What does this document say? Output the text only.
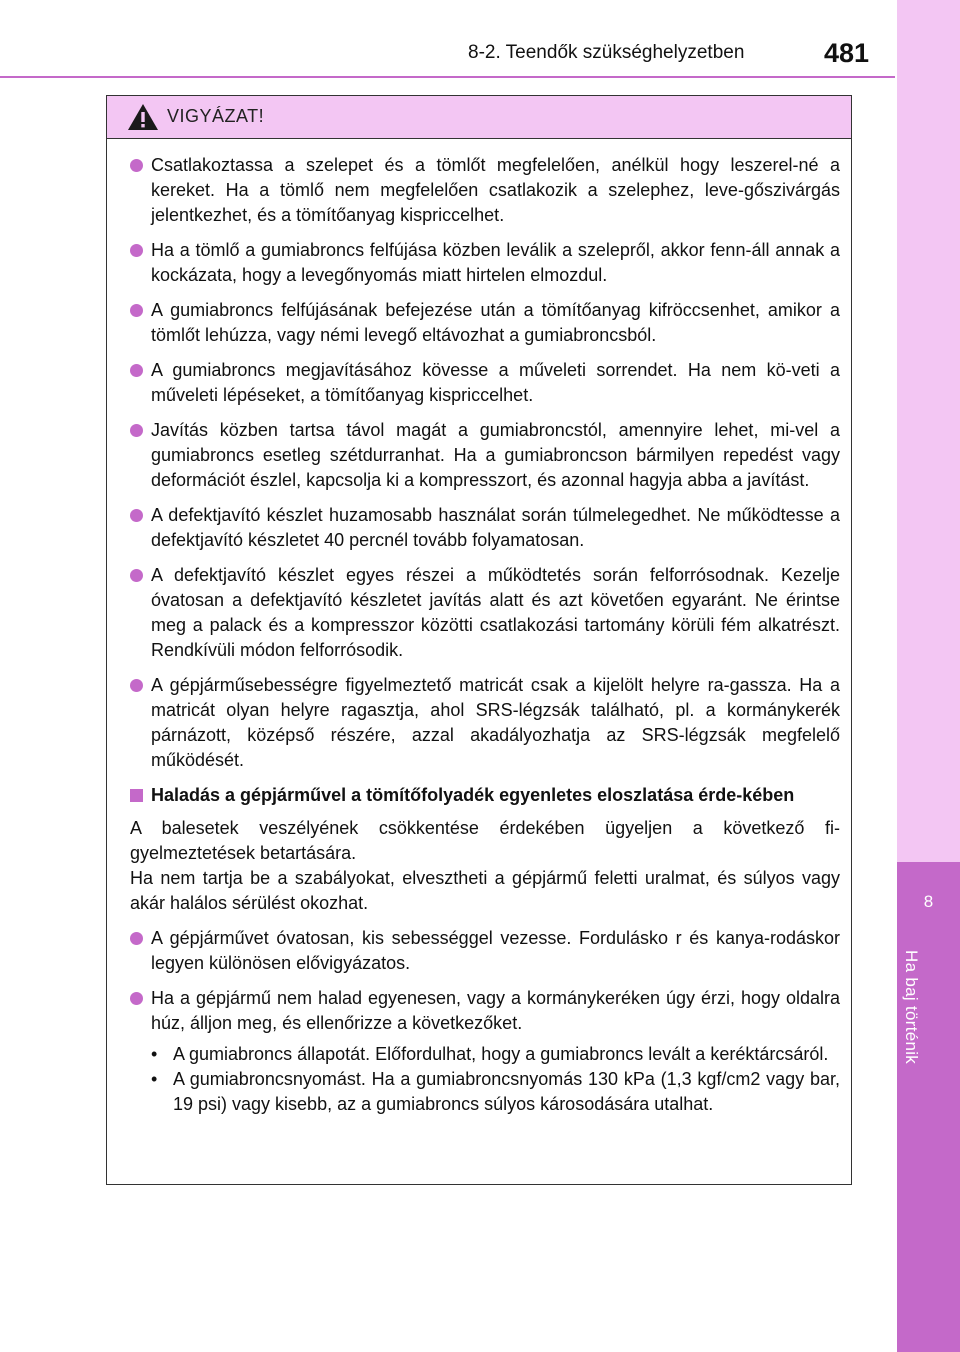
8-2. Teendők szükséghelyzetben	481
8
Ha baj történik
VIGYÁZAT!
Csatlakoztassa a szelepet és a tömlőt megfelelően, anélkül hogy leszerel-né a kereket. Ha a tömlő nem megfelelően csatlakozik a szelephez, leve-gőszivárgás jelentkezhet, és a tömítőanyag kispriccelhet.
Ha a tömlő a gumiabroncs felfújása közben leválik a szelepről, akkor fenn-áll annak a kockázata, hogy a levegőnyomás miatt hirtelen elmozdul.
A gumiabroncs felfújásának befejezése után a tömítőanyag kifröccsenhet, amikor a tömlőt lehúzza, vagy némi levegő eltávozhat a gumiabroncsból.
A gumiabroncs megjavításához kövesse a műveleti sorrendet. Ha nem kö-veti a műveleti lépéseket, a tömítőanyag kispriccelhet.
Javítás közben tartsa távol magát a gumiabroncstól, amennyire lehet, mi-vel a gumiabroncs esetleg szétdurranhat. Ha a gumiabroncson bármilyen repedést vagy deformációt észlel, kapcsolja ki a kompresszort, és azonnal hagyja abba a javítást.
A defektjavító készlet huzamosabb használat során túlmelegedhet. Ne működtesse a defektjavító készletet 40 percnél tovább folyamatosan.
A defektjavító készlet egyes részei a működtetés során felforrósodnak. Kezelje óvatosan a defektjavító készletet javítás alatt és azt követően egyaránt. Ne érintse meg a palack és a kompresszor közötti csatlakozási tartomány körüli fém alkatrészt. Rendkívüli módon felforrósodik.
A gépjárműsebességre figyelmeztető matricát csak a kijelölt helyre ra-gassza. Ha a matricát olyan helyre ragasztja, ahol SRS-légzsák található, pl. a kormánykerék párnázott, középső részére, azzal akadályozhatja az SRS-légzsák megfelelő működését.
Haladás a gépjárművel a tömítőfolyadék egyenletes eloszlatása érde-kében

A balesetek veszélyének csökkentése érdekében ügyeljen a következő fi-gyelmeztetések betartására.

Ha nem tartja be a szabályokat, elvesztheti a gépjármű feletti uralmat, és súlyos vagy akár halálos sérülést okozhat.

A gépjárművet óvatosan, kis sebességgel vezesse. Fordulásko r és kanya-rodáskor legyen különösen elővigyázatos.
Ha a gépjármű nem halad egyenesen, vagy a kormánykeréken úgy érzi, hogy oldalra húz, álljon meg, és ellenőrizze a következőket.
• A gumiabroncs állapotát. Előfordulhat, hogy a gumiabroncs levált a keréktárcsáról.
• A gumiabroncsnyomást. Ha a gumiabroncsnyomás 130 kPa (1,3 kgf/cm2 vagy bar, 19 psi) vagy kisebb, az a gumiabroncs súlyos károsodására utalhat.
